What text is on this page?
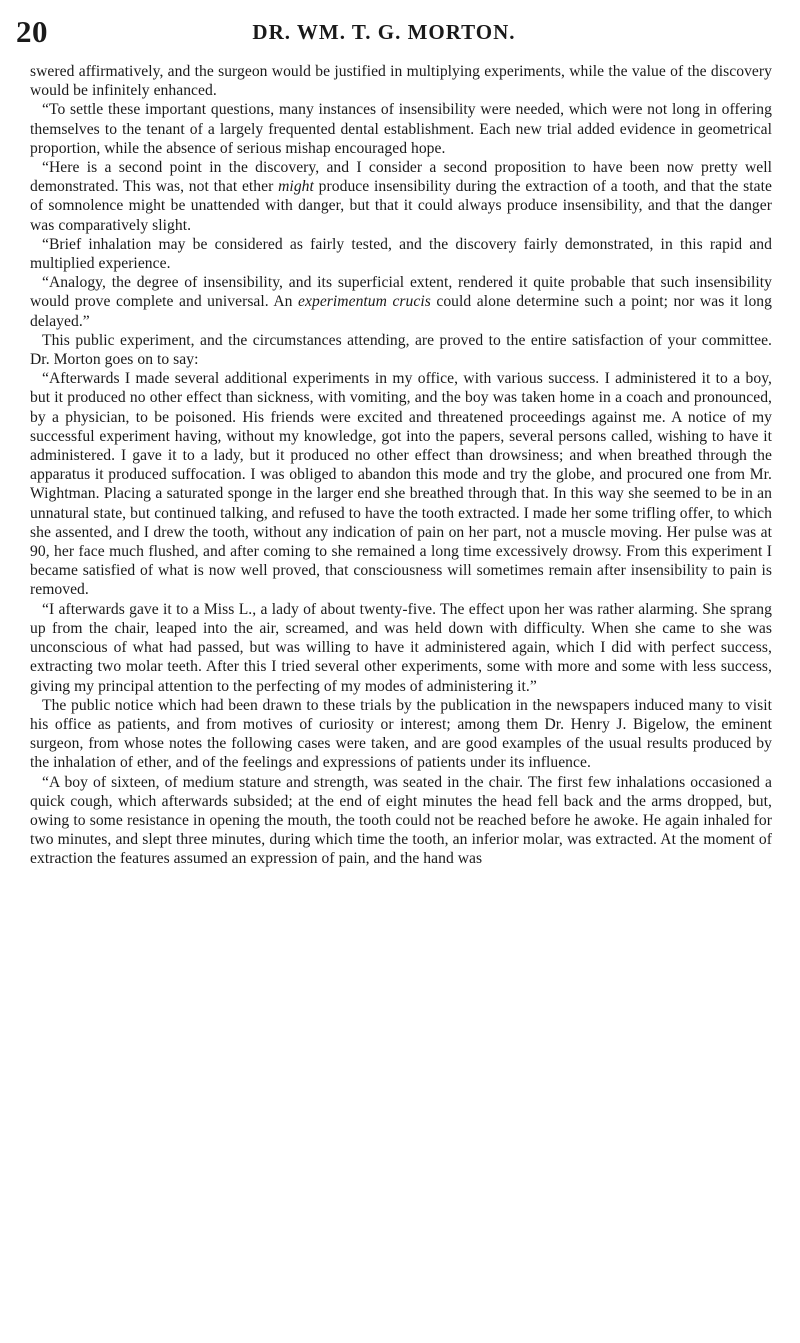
20	DR. WM. T. G. MORTON.

swered affirmatively, and the surgeon would be justified in multiplying experiments, while the value of the discovery would be infinitely enhanced.

“To settle these important questions, many instances of insensibility were needed, which were not long in offering themselves to the tenant of a largely frequented dental establishment. Each new trial added evidence in geometrical proportion, while the absence of serious mishap encouraged hope.

“Here is a second point in the discovery, and I consider a second proposition to have been now pretty well demonstrated. This was, not that ether might produce insensibility during the extraction of a tooth, and that the state of somnolence might be unattended with danger, but that it could always produce insensibility, and that the danger was comparatively slight.

“Brief inhalation may be considered as fairly tested, and the discovery fairly demonstrated, in this rapid and multiplied experience.

“Analogy, the degree of insensibility, and its superficial extent, rendered it quite probable that such insensibility would prove complete and universal. An experimentum crucis could alone determine such a point; nor was it long delayed.”

This public experiment, and the circumstances attending, are proved to the entire satisfaction of your committee. Dr. Morton goes on to say:

“Afterwards I made several additional experiments in my office, with various success. I administered it to a boy, but it produced no other effect than sickness, with vomiting, and the boy was taken home in a coach and pronounced, by a physician, to be poisoned. His friends were excited and threatened proceedings against me. A notice of my successful experiment having, without my knowledge, got into the papers, several persons called, wishing to have it administered. I gave it to a lady, but it produced no other effect than drowsiness; and when breathed through the apparatus it produced suffocation. I was obliged to abandon this mode and try the globe, and procured one from Mr. Wightman. Placing a saturated sponge in the larger end she breathed through that. In this way she seemed to be in an unnatural state, but continued talking, and refused to have the tooth extracted. I made her some trifling offer, to which she assented, and I drew the tooth, without any indication of pain on her part, not a muscle moving. Her pulse was at 90, her face much flushed, and after coming to she remained a long time excessively drowsy. From this experiment I became satisfied of what is now well proved, that consciousness will sometimes remain after insensibility to pain is removed.

“I afterwards gave it to a Miss L., a lady of about twenty-five. The effect upon her was rather alarming. She sprang up from the chair, leaped into the air, screamed, and was held down with difficulty. When she came to she was unconscious of what had passed, but was willing to have it administered again, which I did with perfect success, extracting two molar teeth. After this I tried several other experiments, some with more and some with less success, giving my principal attention to the perfecting of my modes of administering it.”

The public notice which had been drawn to these trials by the publication in the newspapers induced many to visit his office as patients, and from motives of curiosity or interest; among them Dr. Henry J. Bigelow, the eminent surgeon, from whose notes the following cases were taken, and are good examples of the usual results produced by the inhalation of ether, and of the feelings and expressions of patients under its influence.

“A boy of sixteen, of medium stature and strength, was seated in the chair. The first few inhalations occasioned a quick cough, which afterwards subsided; at the end of eight minutes the head fell back and the arms dropped, but, owing to some resistance in opening the mouth, the tooth could not be reached before he awoke. He again inhaled for two minutes, and slept three minutes, during which time the tooth, an inferior molar, was extracted. At the moment of extraction the features assumed an expression of pain, and the hand was
